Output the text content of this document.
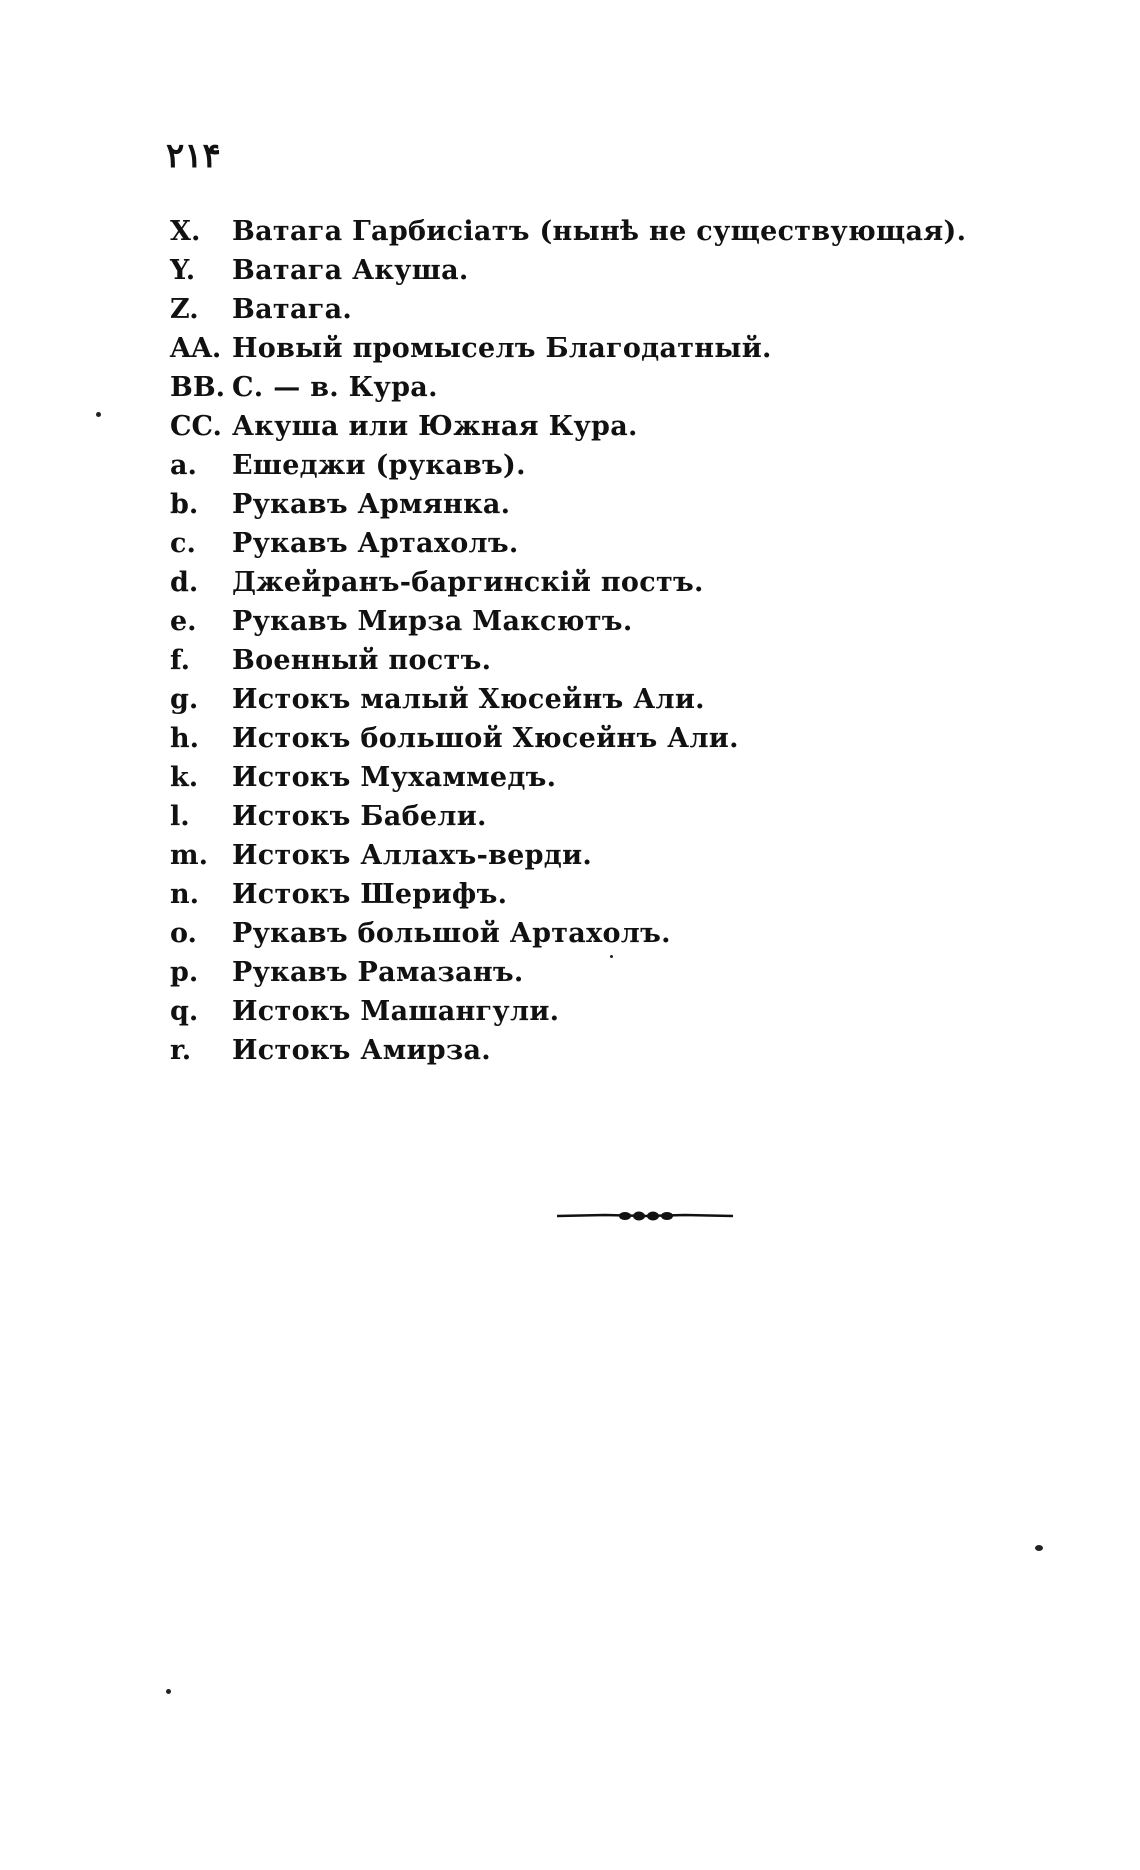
۲۱۴
X.	Ватага Гарбисіатъ (нынѣ не существующая).
Y.	Ватага Акуша.
Z.	Ватага.
AA. Новый промыселъ Благодатный.
BB. С. — в. Кура.
CC. Акуша или Южная Кура.
a.	Ешеджи (рукавъ).
b.	Рукавъ Армянка.
c.	Рукавъ Артахолъ.
d.	Джейранъ-баргинскій постъ.
e.	Рукавъ Мирза Максютъ.
f.	Военный постъ.
g.	Истокъ малый Хюсейнъ Али.
h.	Истокъ большой Хюсейнъ Али.
k.	Истокъ Мухаммедъ.
l.	Истокъ Бабели.
m. Истокъ Аллахъ-верди.
n.	Истокъ Шерифъ.
o.	Рукавъ большой Артахолъ.
p.	Рукавъ Рамазанъ.
q.	Истокъ Машангули.
r.	Истокъ Амирза.
